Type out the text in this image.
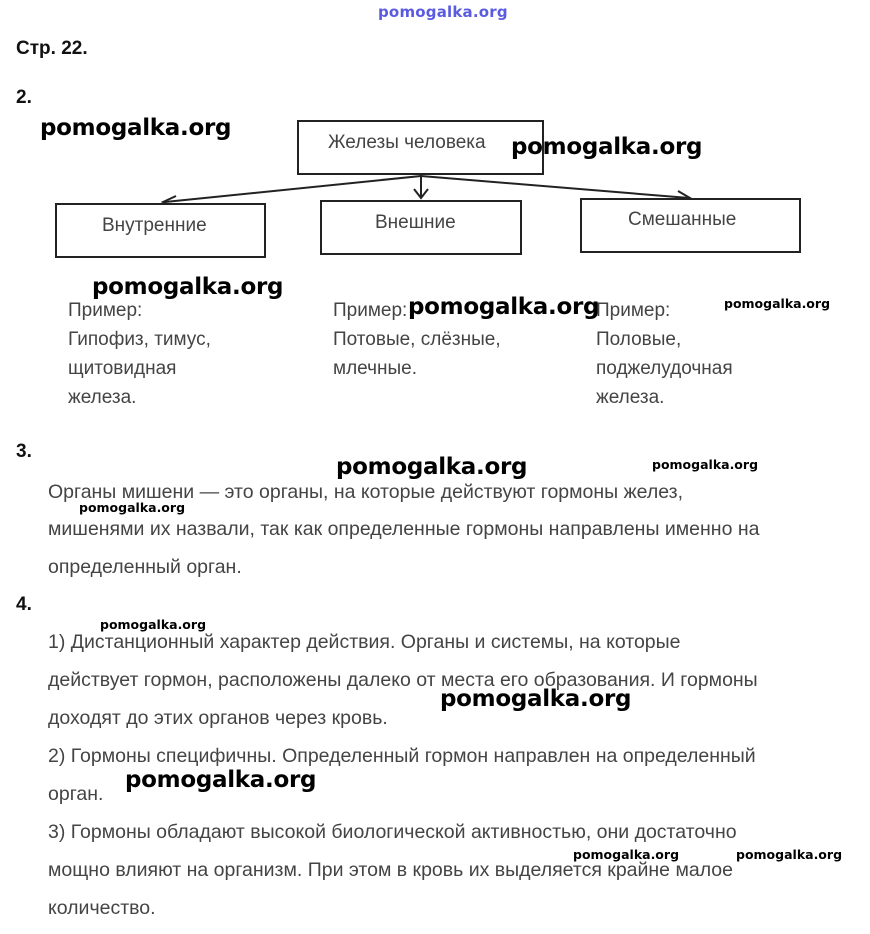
pomogalka.org
Стр. 22.
2.
Железы человека
Внутренние	Внешние	Смешанные
Пример:
Гипофиз, тимус,
щитовидная
железа.
Пример:
Потовые, слёзные,
млечные.
Пример:
Половые,
поджелудочная
железа.
3.
Органы мишени — это органы, на которые действуют гормоны желез,
мишенями их назвали, так как определенные гормоны направлены именно на
определенный орган.
4.
1) Дистанционный характер действия. Органы и системы, на которые
действует гормон, расположены далеко от места его образования. И гормоны
доходят до этих органов через кровь.
2) Гормоны специфичны. Определенный гормон направлен на определенный
орган.
3) Гормоны обладают высокой биологической активностью, они достаточно
мощно влияют на организм. При этом в кровь их выделяется крайне малое
количество.
pomogalka.org
pomogalka.org
pomogalka.org
pomogalka.org	pomogalka.org
pomogalka.org	pomogalka.org
pomogalka.org
pomogalka.org
pomogalka.org
pomogalka.org
pomogalka.org	pomogalka.org
